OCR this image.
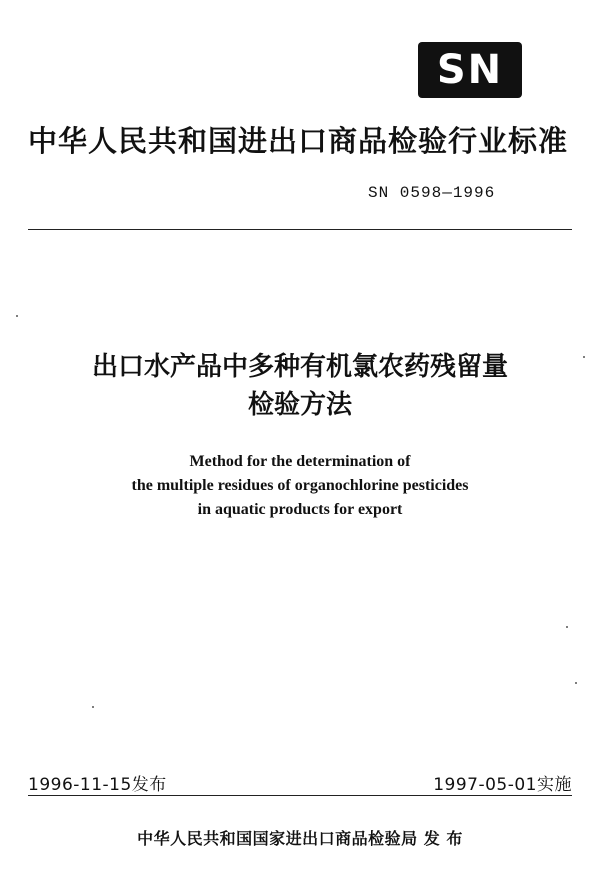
SN
中华人民共和国进出口商品检验行业标准
SN 0598—1996
出口水产品中多种有机氯农药残留量
检验方法
Method for the determination of
the multiple residues of organochlorine pesticides
in aquatic products for export
1996-11-15发布	1997-05-01实施
中华人民共和国国家进出口商品检验局 发 布
